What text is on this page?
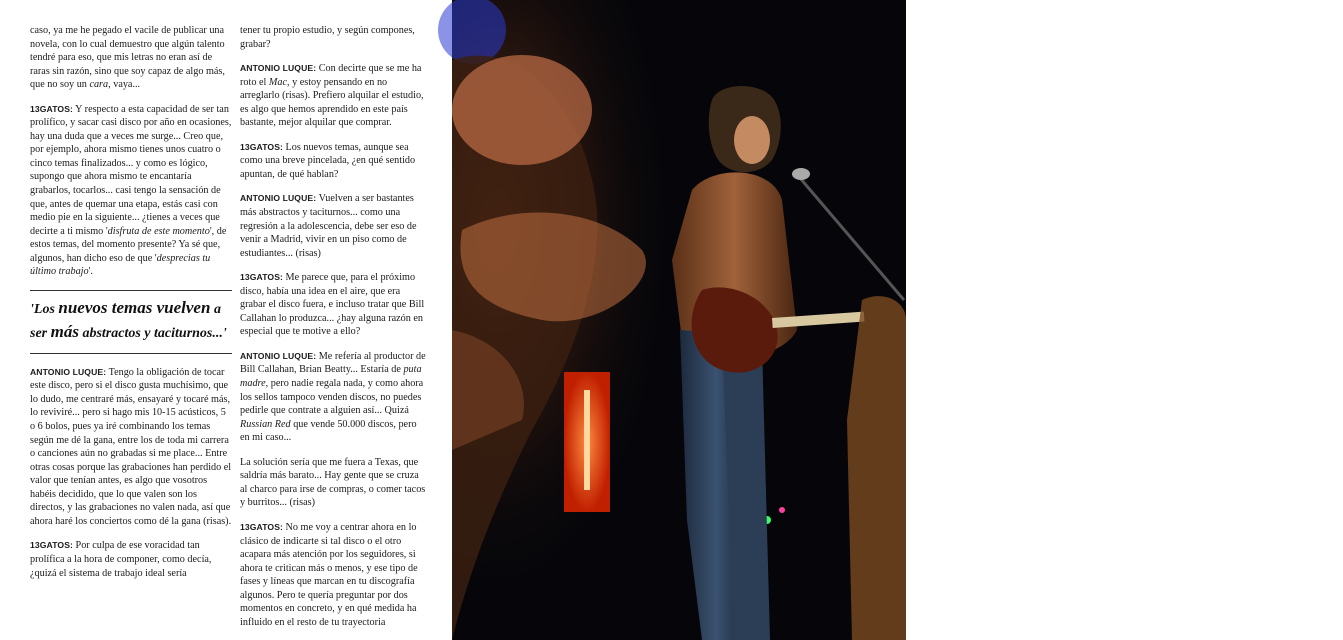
caso, ya me he pegado el vacile de publicar una novela, con lo cual demuestro que algún talento tendré para eso, que mis letras no eran así de raras sin razón, sino que soy capaz de algo más, que no soy un cara, vaya...

13GATOS: Y respecto a esta capacidad de ser tan prolífico, y sacar casi disco por año en ocasiones, hay una duda que a veces me surge... Creo que, por ejemplo, ahora mismo tienes unos cuatro o cinco temas finalizados... y como es lógico, supongo que ahora mismo te encantaría grabarlos, tocarlos... casi tengo la sensación de que, antes de quemar una etapa, estás casi con medio pie en la siguiente... ¿tienes a veces que decirte a ti mismo 'disfruta de este momento', de estos temas, del momento presente? Ya sé que, algunos, han dicho eso de que 'desprecias tu último trabajo'.

'Los nuevos temas vuelven a ser más abstractos y taciturnos...'

ANTONIO LUQUE: Tengo la obligación de tocar este disco, pero si el disco gusta muchísimo, que lo dudo, me centraré más, ensayaré y tocaré más, lo reviviré... pero si hago mis 10-15 acústicos, 5 o 6 bolos, pues ya iré combinando los temas según me dé la gana, entre los de toda mi carrera o canciones aún no grabadas si me place... Entre otras cosas porque las grabaciones han perdido el valor que tenían antes, es algo que vosotros habéis decidido, que lo que valen son los directos, y las grabaciones no valen nada, así que ahora haré los conciertos como dé la gana (risas).

13GATOS: Por culpa de ese voracidad tan prolífica a la hora de componer, como decía, ¿quizá el sistema de trabajo ideal sería

tener tu propio estudio, y según compones, grabar?

ANTONIO LUQUE: Con decirte que se me ha roto el Mac, y estoy pensando en no arreglarlo (risas). Prefiero alquilar el estudio, es algo que hemos aprendido en este país bastante, mejor alquilar que comprar.

13GATOS: Los nuevos temas, aunque sea como una breve pincelada, ¿en qué sentido apuntan, de qué hablan?

ANTONIO LUQUE: Vuelven a ser bastantes más abstractos y taciturnos... como una regresión a la adolescencia, debe ser eso de venir a Madrid, vivir en un piso como de estudiantes... (risas)

13GATOS: Me parece que, para el próximo disco, había una idea en el aire, que era grabar el disco fuera, e incluso tratar que Bill Callahan lo produzca... ¿hay alguna razón en especial que te motive a ello?

ANTONIO LUQUE: Me refería al productor de Bill Callahan, Brian Beatty... Estaría de puta madre, pero nadie regala nada, y como ahora los sellos tampoco venden discos, no puedes pedirle que contrate a alguien así... Quizá Russian Red que vende 50.000 discos, pero en mi caso...

La solución sería que me fuera a Texas, que saldría más barato... Hay gente que se cruza al charco para irse de compras, o comer tacos y burritos... (risas)

13GATOS: No me voy a centrar ahora en lo clásico de indicarte si tal disco o el otro acapara más atención por los seguidores, si ahora te critican más o menos, y ese tipo de fases y líneas que marcan en tu discografía algunos. Pero te quería preguntar por dos momentos en concreto, y en qué medida ha influido en el resto de tu trayectoria	FOTOGRAFÍA DE J.M.GRIMALDI
www.jmgrimaldi.com
